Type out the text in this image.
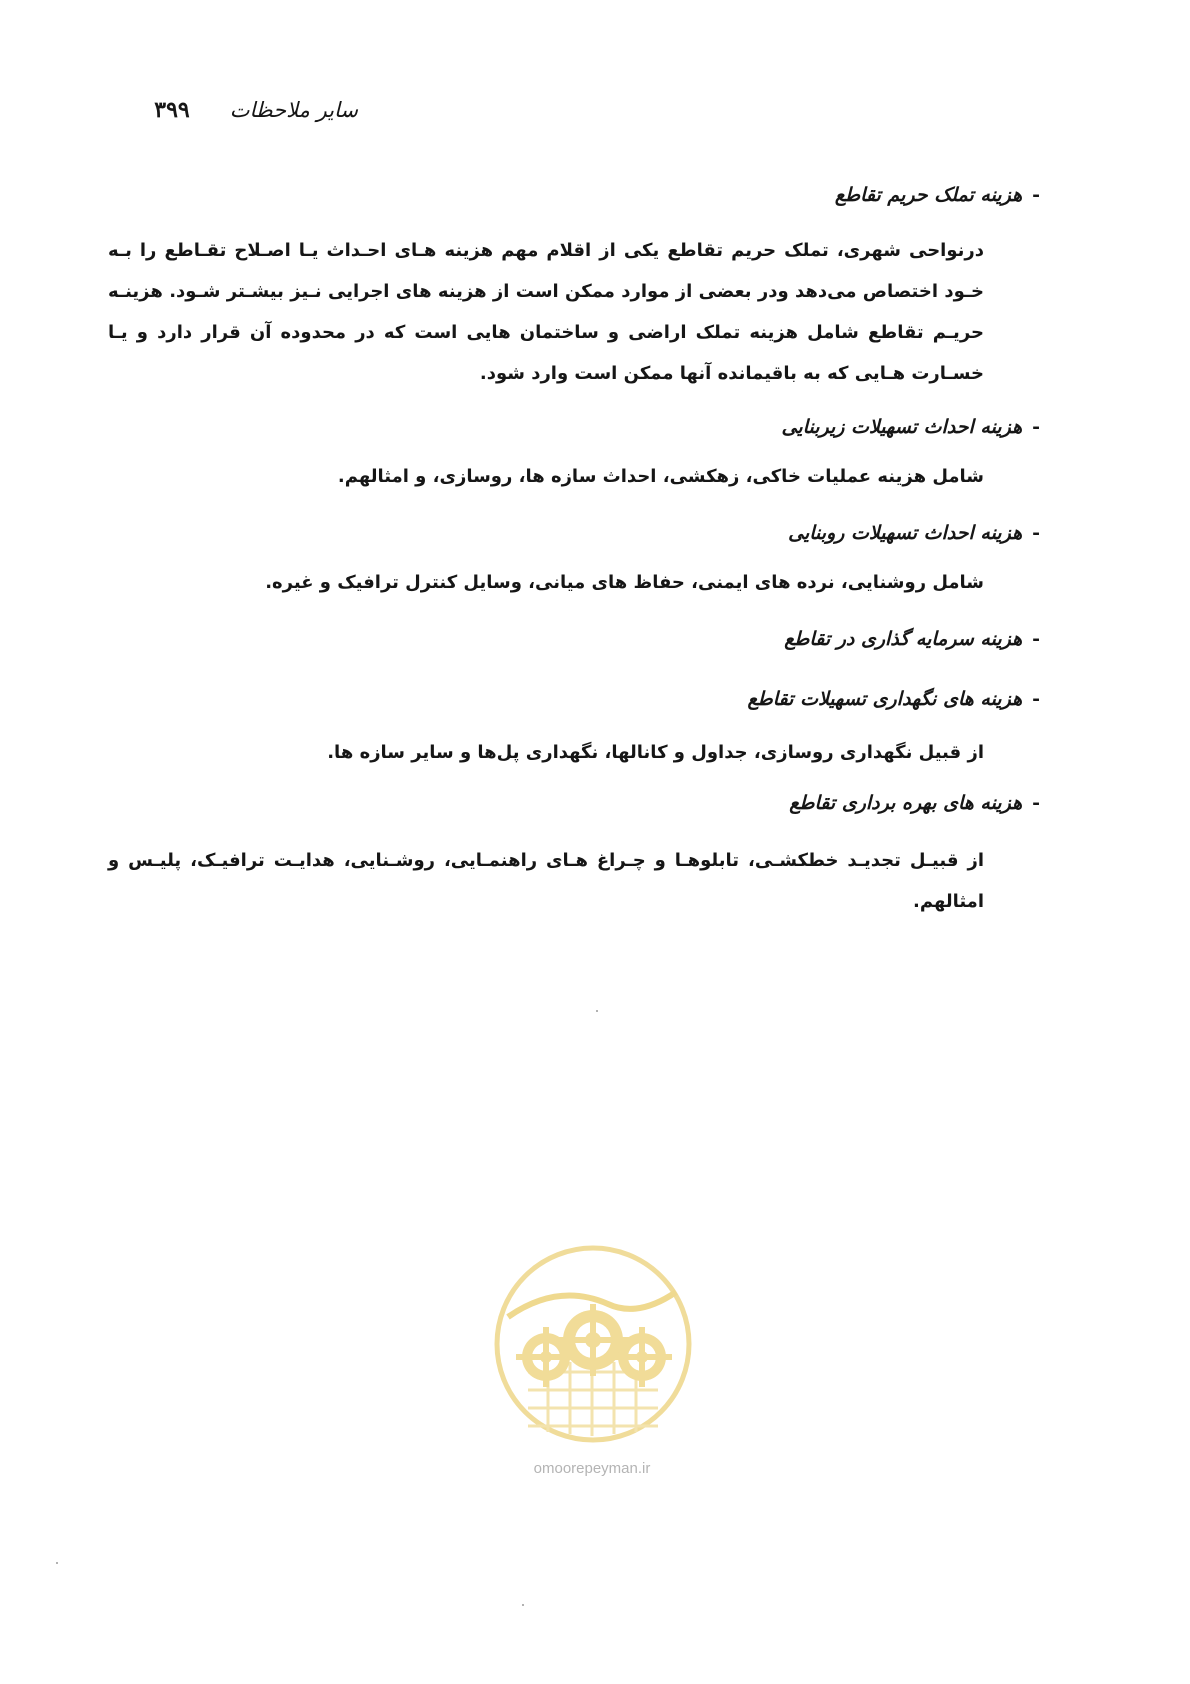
سایر ملاحظات
۳۹۹
-هزینه تملک حریم تقاطع

درنواحی شهری، تملک حریم تقاطع یکی از اقلام مهم هزینه هـای احـداث یـا اصـلاح تقـاطع را بـه خـود اختصاص می‌دهد ودر بعضی از موارد ممکن است از هزینه های اجرایی نـیز بیشـتر شـود. هزینـه حریـم تقاطع شامل هزینه تملک اراضی و ساختمان هایی است که در محدوده آن قرار دارد و یـا خسـارت هـایی که به باقیمانده آنها ممکن است وارد شود.

-هزینه احداث تسهیلات زیربنایی

شامل هزینه عملیات خاکی، زهکشی، احداث سازه ها، روسازی، و امثالهم.

-هزینه احداث تسهیلات روبنایی

شامل روشنایی، نرده های ایمنی، حفاظ های میانی، وسایل کنترل ترافیک و غیره.

-هزینه سرمایه گذاری در تقاطع
-هزینه های نگهداری تسهیلات تقاطع

از قبیل نگهداری روسازی، جداول و کانالها، نگهداری پل‌ها و سایر سازه ها.

-هزینه های بهره برداری تقاطع

از قبیـل تجدیـد خطکشـی، تابلوهـا و چـراغ هـای راهنمـایی، روشـنایی، هدایـت ترافیـک، پلیـس و امثالهم.

omoorepeyman.ir
